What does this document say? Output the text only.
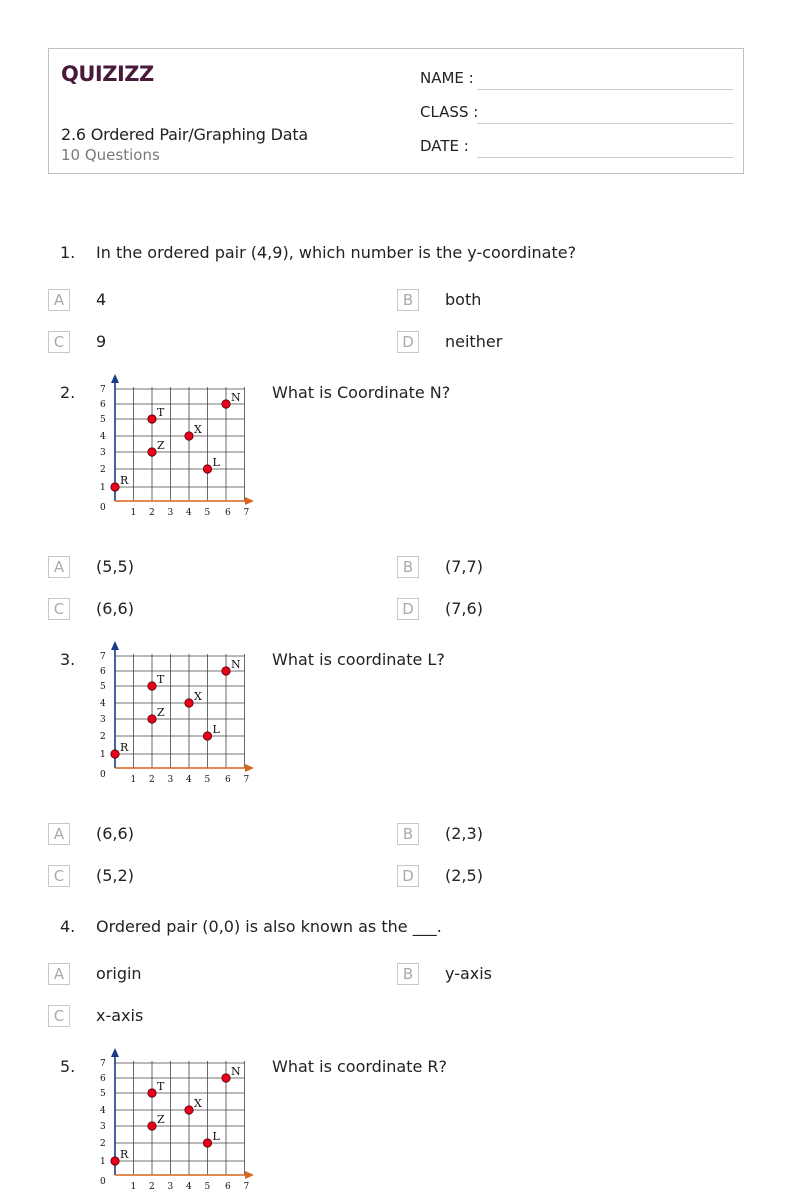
QUIZIZZ
2.6 Ordered Pair/Graphing Data
10 Questions
NAME :
CLASS :
DATE :
1. In the ordered pair (4,9), which number is the y-coordinate?
A	4	B	both
C	9	D	neither
2.	7
6
5
4
3
2
1
0	1 2 3 4 5 6 7
N
T
X
Z
L
R
What is Coordinate N?
A	(5,5)	B	(7,7)
C	(6,6)	D	(7,6)
3.	7
6
5
4
3
2
1
0	1 2 3 4 5 6 7
N
T
X
Z
L
R
What is coordinate L?
A	(6,6)	B	(2,3)
C	(5,2)	D	(2,5)
4. Ordered pair (0,0) is also known as the ___.
A	origin	B	y-axis
C	x-axis
5.	7
6
5
4
3
2
1
0	1 2 3 4 5 6 7
N
T
X
Z
L
R
What is coordinate R?
